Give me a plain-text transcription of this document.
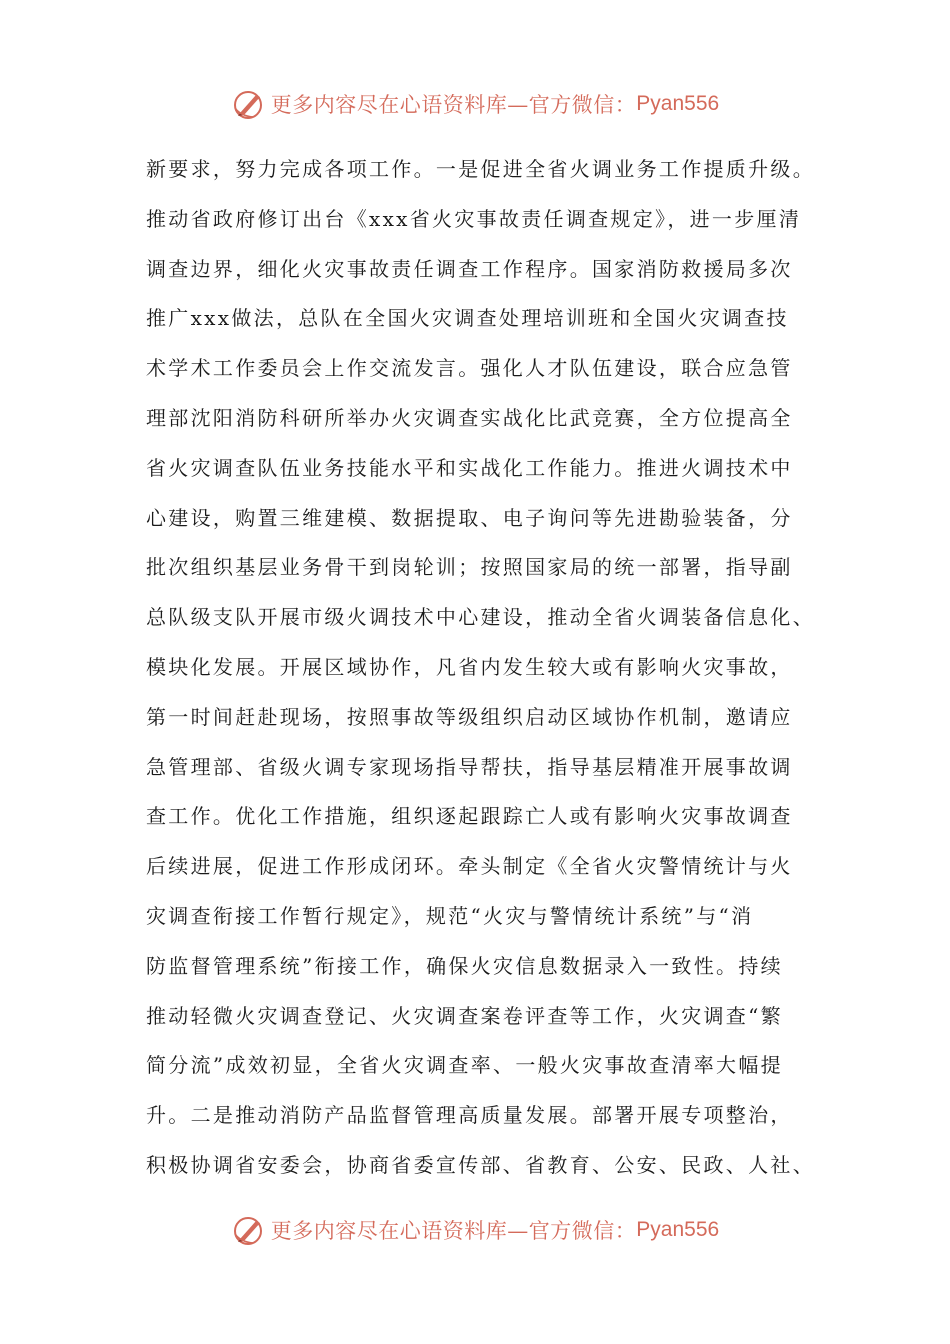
更多内容尽在心语资料库—官方微信： Pyan556
新要求，努力完成各项工作。一是促进全省火调业务工作提质升级。
推动省政府修订出台《xxx省火灾事故责任调查规定》，进一步厘清
调查边界，细化火灾事故责任调查工作程序。国家消防救援局多次
推广xxx做法，总队在全国火灾调查处理培训班和全国火灾调查技
术学术工作委员会上作交流发言。强化人才队伍建设，联合应急管
理部沈阳消防科研所举办火灾调查实战化比武竞赛，全方位提高全
省火灾调查队伍业务技能水平和实战化工作能力。推进火调技术中
心建设，购置三维建模、数据提取、电子询问等先进勘验装备，分
批次组织基层业务骨干到岗轮训；按照国家局的统一部署，指导副
总队级支队开展市级火调技术中心建设，推动全省火调装备信息化、
模块化发展。开展区域协作，凡省内发生较大或有影响火灾事故，
第一时间赶赴现场，按照事故等级组织启动区域协作机制，邀请应
急管理部、省级火调专家现场指导帮扶，指导基层精准开展事故调
查工作。优化工作措施，组织逐起跟踪亡人或有影响火灾事故调查
后续进展，促进工作形成闭环。牵头制定《全省火灾警情统计与火
灾调查衔接工作暂行规定》，规范“火灾与警情统计系统”与“消
防监督管理系统”衔接工作，确保火灾信息数据录入一致性。持续
推动轻微火灾调查登记、火灾调查案卷评查等工作，火灾调查“繁
简分流”成效初显，全省火灾调查率、一般火灾事故查清率大幅提
升。二是推动消防产品监督管理高质量发展。部署开展专项整治，
积极协调省安委会，协商省委宣传部、省教育、公安、民政、人社、
更多内容尽在心语资料库—官方微信： Pyan556
